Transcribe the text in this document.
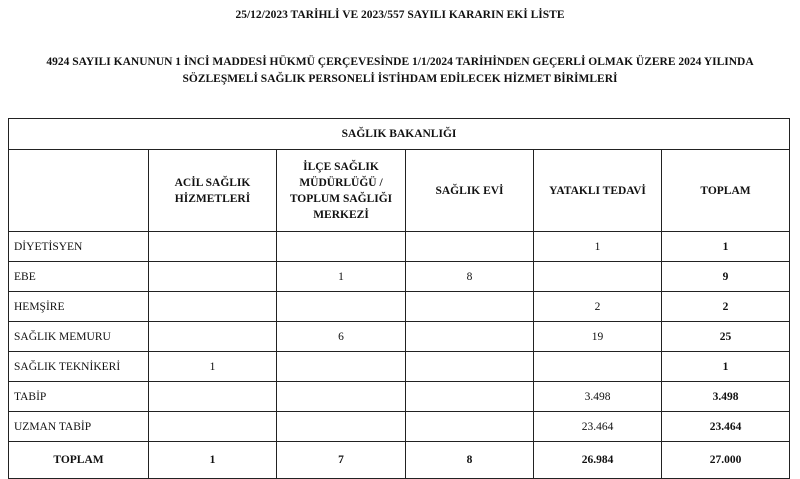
25/12/2023 TARİHLİ VE 2023/557 SAYILI KARARIN EKİ LİSTE
4924 SAYILI KANUNUN 1 İNCİ MADDESİ HÜKMÜ ÇERÇEVESİNDE 1/1/2024 TARİHİNDEN GEÇERLİ OLMAK ÜZERE 2024 YILINDA
SÖZLEŞMELİ SAĞLIK PERSONELİ İSTİHDAM EDİLECEK HİZMET BİRİMLERİ
SAĞLIK BAKANLIĞI					

	ACİL SAĞLIK
HİZMETLERİ	İLÇE SAĞLIK
MÜDÜRLÜĞÜ /
TOPLUM SAĞLIĞI
MERKEZİ	SAĞLIK EVİ	YATAKLI TEDAVİ	TOPLAM
DİYETİSYEN				1	1
EBE		1	8		9
HEMŞİRE				2	2
SAĞLIK MEMURU		6		19	25
SAĞLIK TEKNİKERİ	1				1
TABİP				3.498	3.498
UZMAN TABİP				23.464	23.464
TOPLAM	1	7	8	26.984	27.000
